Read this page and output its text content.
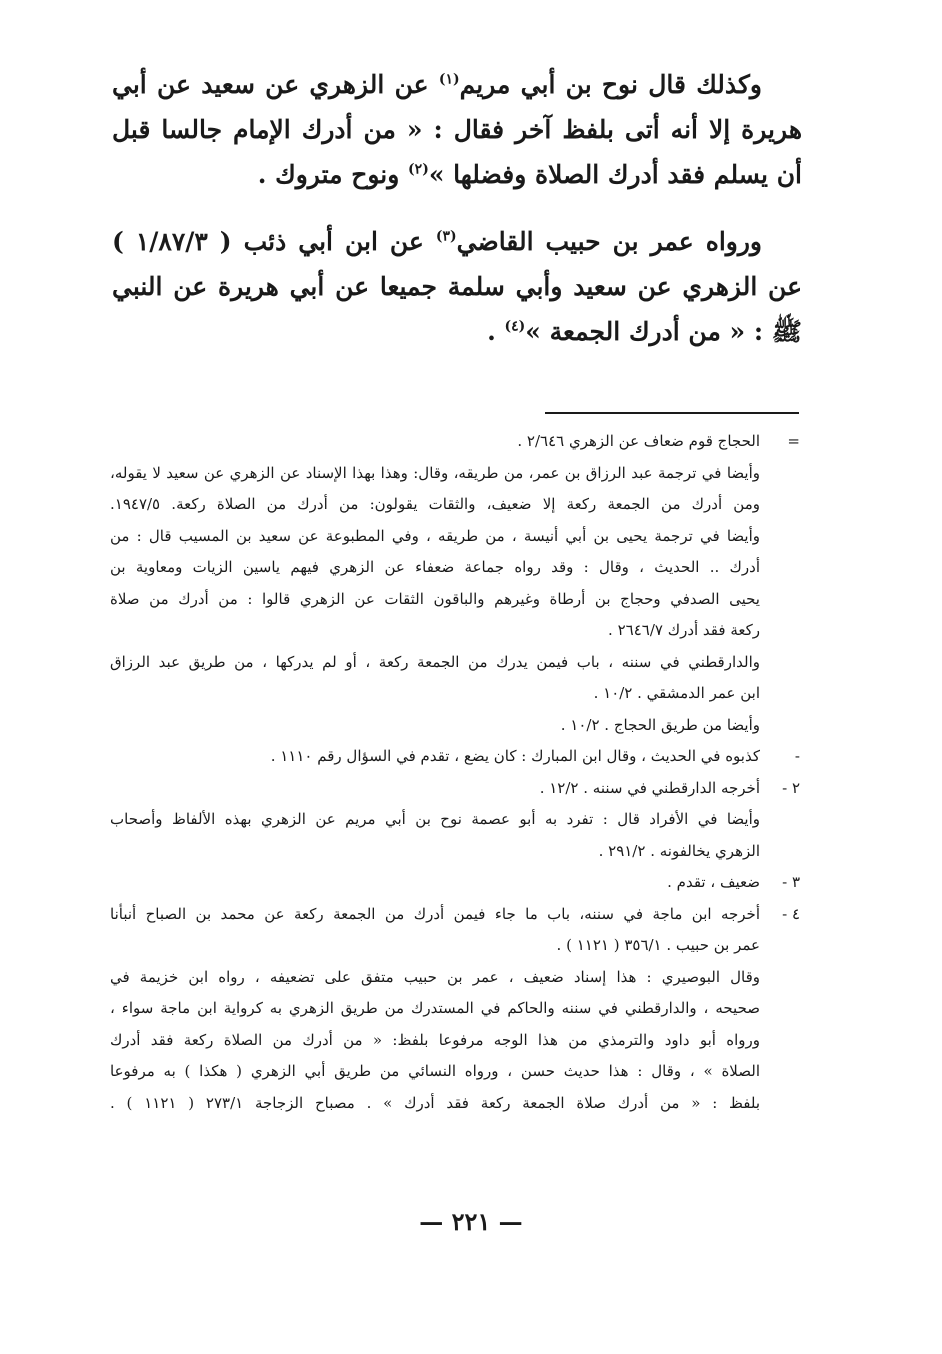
وكذلك قال نوح بن أبي مريم$^{(١)}$ عن الزهري عن سعيد عن أبي هريرة إلا أنه أتى بلفظ آخر فقال : « من أدرك الإمام جالسا قبل أن يسلم فقد أدرك الصلاة وفضلها »$^{(٢)}$ ونوح متروك .

ورواه عمر بن حبيب القاضي$^{(٣)}$ عن ابن أبي ذئب ( ١/٨٧/٣ ) عن الزهري عن سعيد وأبي سلمة جميعا عن أبي هريرة عن النبي ﷺ : « من أدرك الجمعة »$^{(٤)}$ .

=
الحجاج قوم ضعاف عن الزهري ٢/٦٤٦ .
وأيضا في ترجمة عبد الرزاق بن عمر، من طريقه، وقال: وهذا بهذا الإسناد عن الزهري عن سعيد لا يقوله،
ومن أدرك من الجمعة ركعة إلا ضعيف، والثقات يقولون: من أدرك من الصلاة ركعة. ١٩٤٧/٥.
وأيضا في ترجمة يحيى بن أبي أنيسة ، من طريقه ، وفي المطبوعة عن سعيد بن المسيب قال : من
أدرك .. الحديث ، وقال : وقد رواه جماعة ضعفاء عن الزهري فيهم ياسين الزيات ومعاوية بن
يحيى الصدفي وحجاج بن أرطاة وغيرهم والباقون الثقات عن الزهري قالوا : من أدرك من صلاة
ركعة فقد أدرك ٢٦٤٦/٧ .
والدارقطني في سننه ، باب فيمن يدرك من الجمعة ركعة ، أو لم يدركها ، من طريق عبد الرزاق
ابن عمر الدمشقي . ١٠/٢ .
وأيضا من طريق الحجاج . ١٠/٢ .
-
كذبوه في الحديث ، وقال ابن المبارك : كان يضع ، تقدم في السؤال رقم ١١١٠ .
٢ -
أخرجه الدارقطني في سننه . ١٢/٢ .
وأيضا في الأفراد قال : تفرد به أبو عصمة نوح بن أبي مريم عن الزهري بهذه الألفاظ وأصحاب
الزهري يخالفونه . ٢٩١/٢ .
٣ -
ضعيف ، تقدم .
٤ -
أخرجه ابن ماجة في سننه، باب ما جاء فيمن أدرك من الجمعة ركعة عن محمد بن الصباح أنبأنا
عمر بن حبيب . ٣٥٦/١ ( ١١٢١ ) .
وقال البوصيري : هذا إسناد ضعيف ، عمر بن حبيب متفق على تضعيفه ، رواه ابن خزيمة في
صحيحه ، والدارقطني في سننه والحاكم في المستدرك من طريق الزهري به كرواية ابن ماجة سواء ،
ورواه أبو داود والترمذي من هذا الوجه مرفوعا بلفظ: « من أدرك من الصلاة ركعة فقد أدرك
الصلاة » ، وقال : هذا حديث حسن ، ورواه النسائي من طريق أبي الزهري ( هكذا ) به مرفوعا
بلفظ : « من أدرك صلاة الجمعة ركعة فقد أدرك » . مصباح الزجاجة ٢٧٣/١ ( ١١٢١ ) .
— ٢٢١ —
